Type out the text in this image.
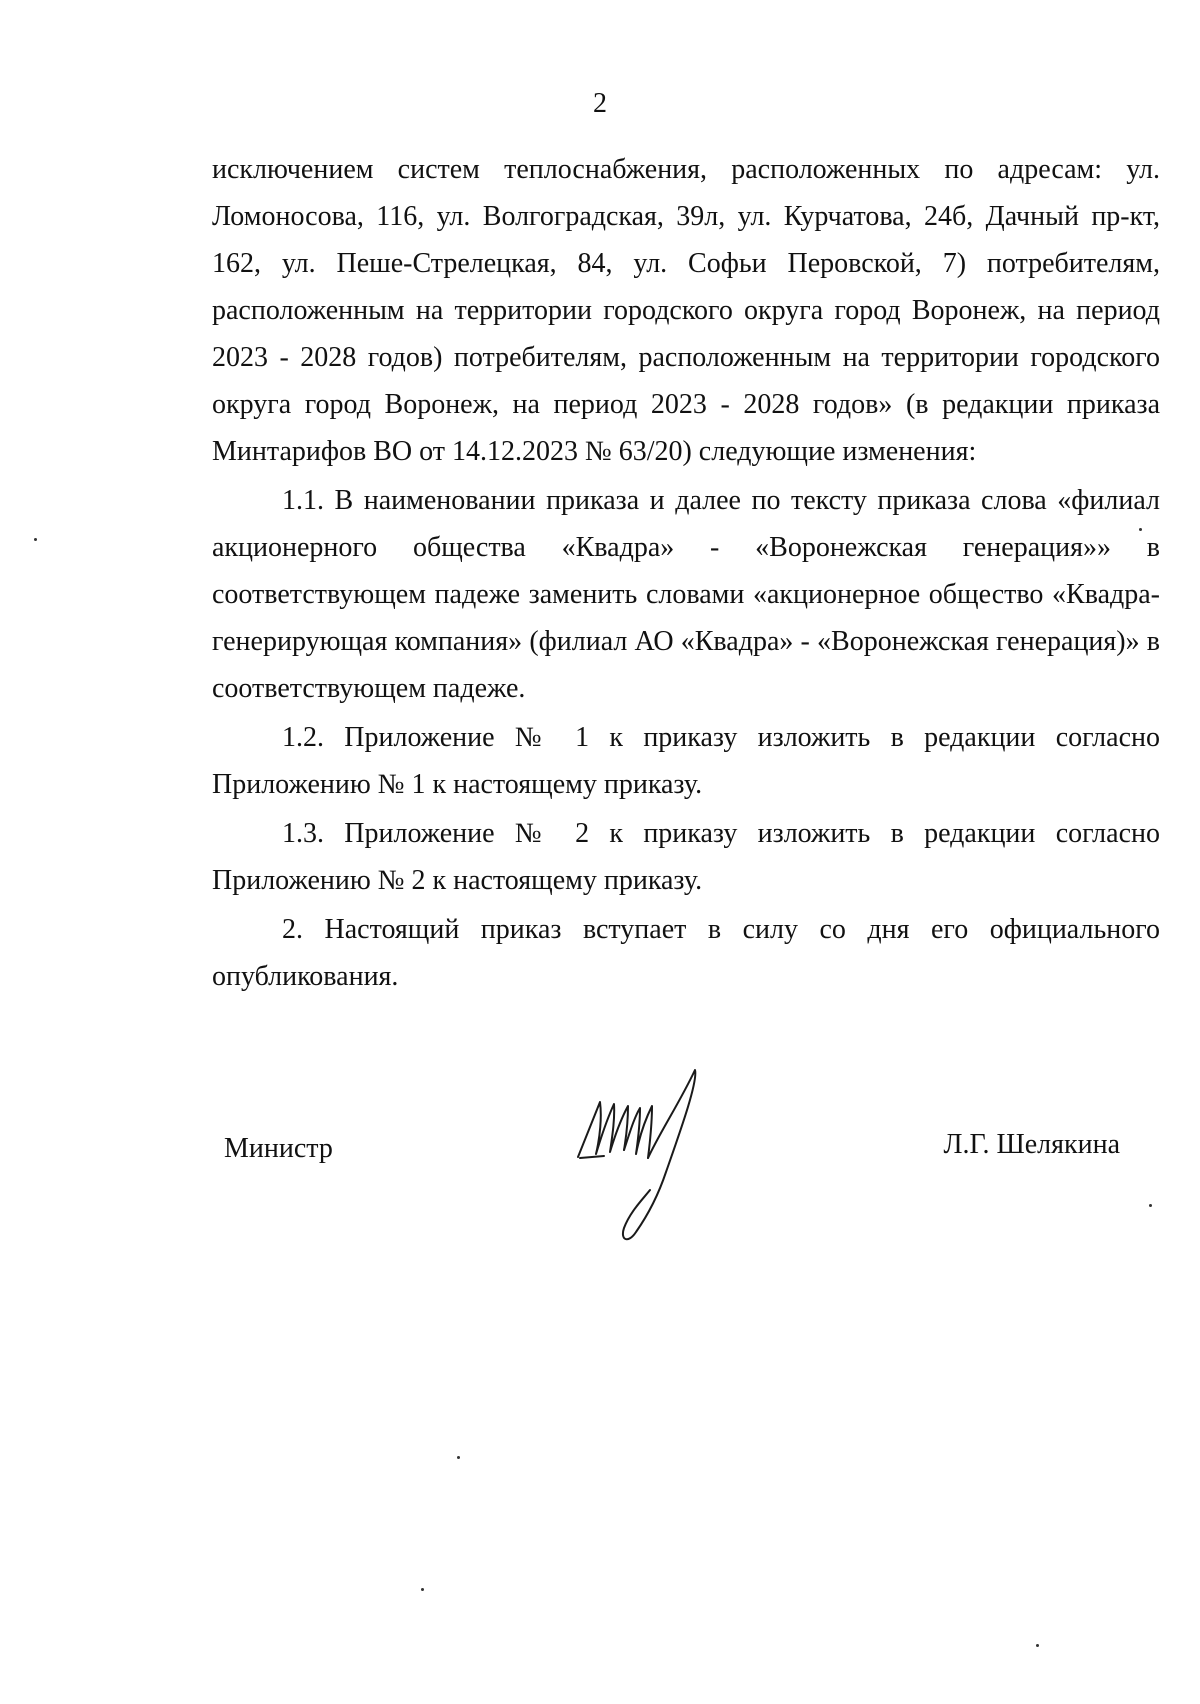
2

исключением систем теплоснабжения, расположенных по адресам: ул. Ломоносова, 116, ул. Волгоградская, 39л, ул. Курчатова, 24б, Дачный пр-кт, 162, ул. Пеше-Стрелецкая, 84, ул. Софьи Перовской, 7) потребителям, расположенным на территории городского округа город Воронеж, на период 2023 - 2028 годов) потребителям, расположенным на территории городского округа город Воронеж, на период 2023 - 2028 годов» (в редакции приказа Минтарифов ВО от 14.12.2023 № 63/20) следующие изменения:

1.1. В наименовании приказа и далее по тексту приказа слова «филиал акционерного общества «Квадра» - «Воронежская генерация»» в соответствующем падеже заменить словами «акционерное общество «Квадра-генерирующая компания» (филиал АО «Квадра» - «Воронежская генерация)» в соответствующем падеже.

1.2. Приложение № 1 к приказу изложить в редакции согласно Приложению № 1 к настоящему приказу.

1.3. Приложение № 2 к приказу изложить в редакции согласно Приложению № 2 к настоящему приказу.

2. Настоящий приказ вступает в силу со дня его официального опубликования.

Министр	Л.Г. Шелякина
